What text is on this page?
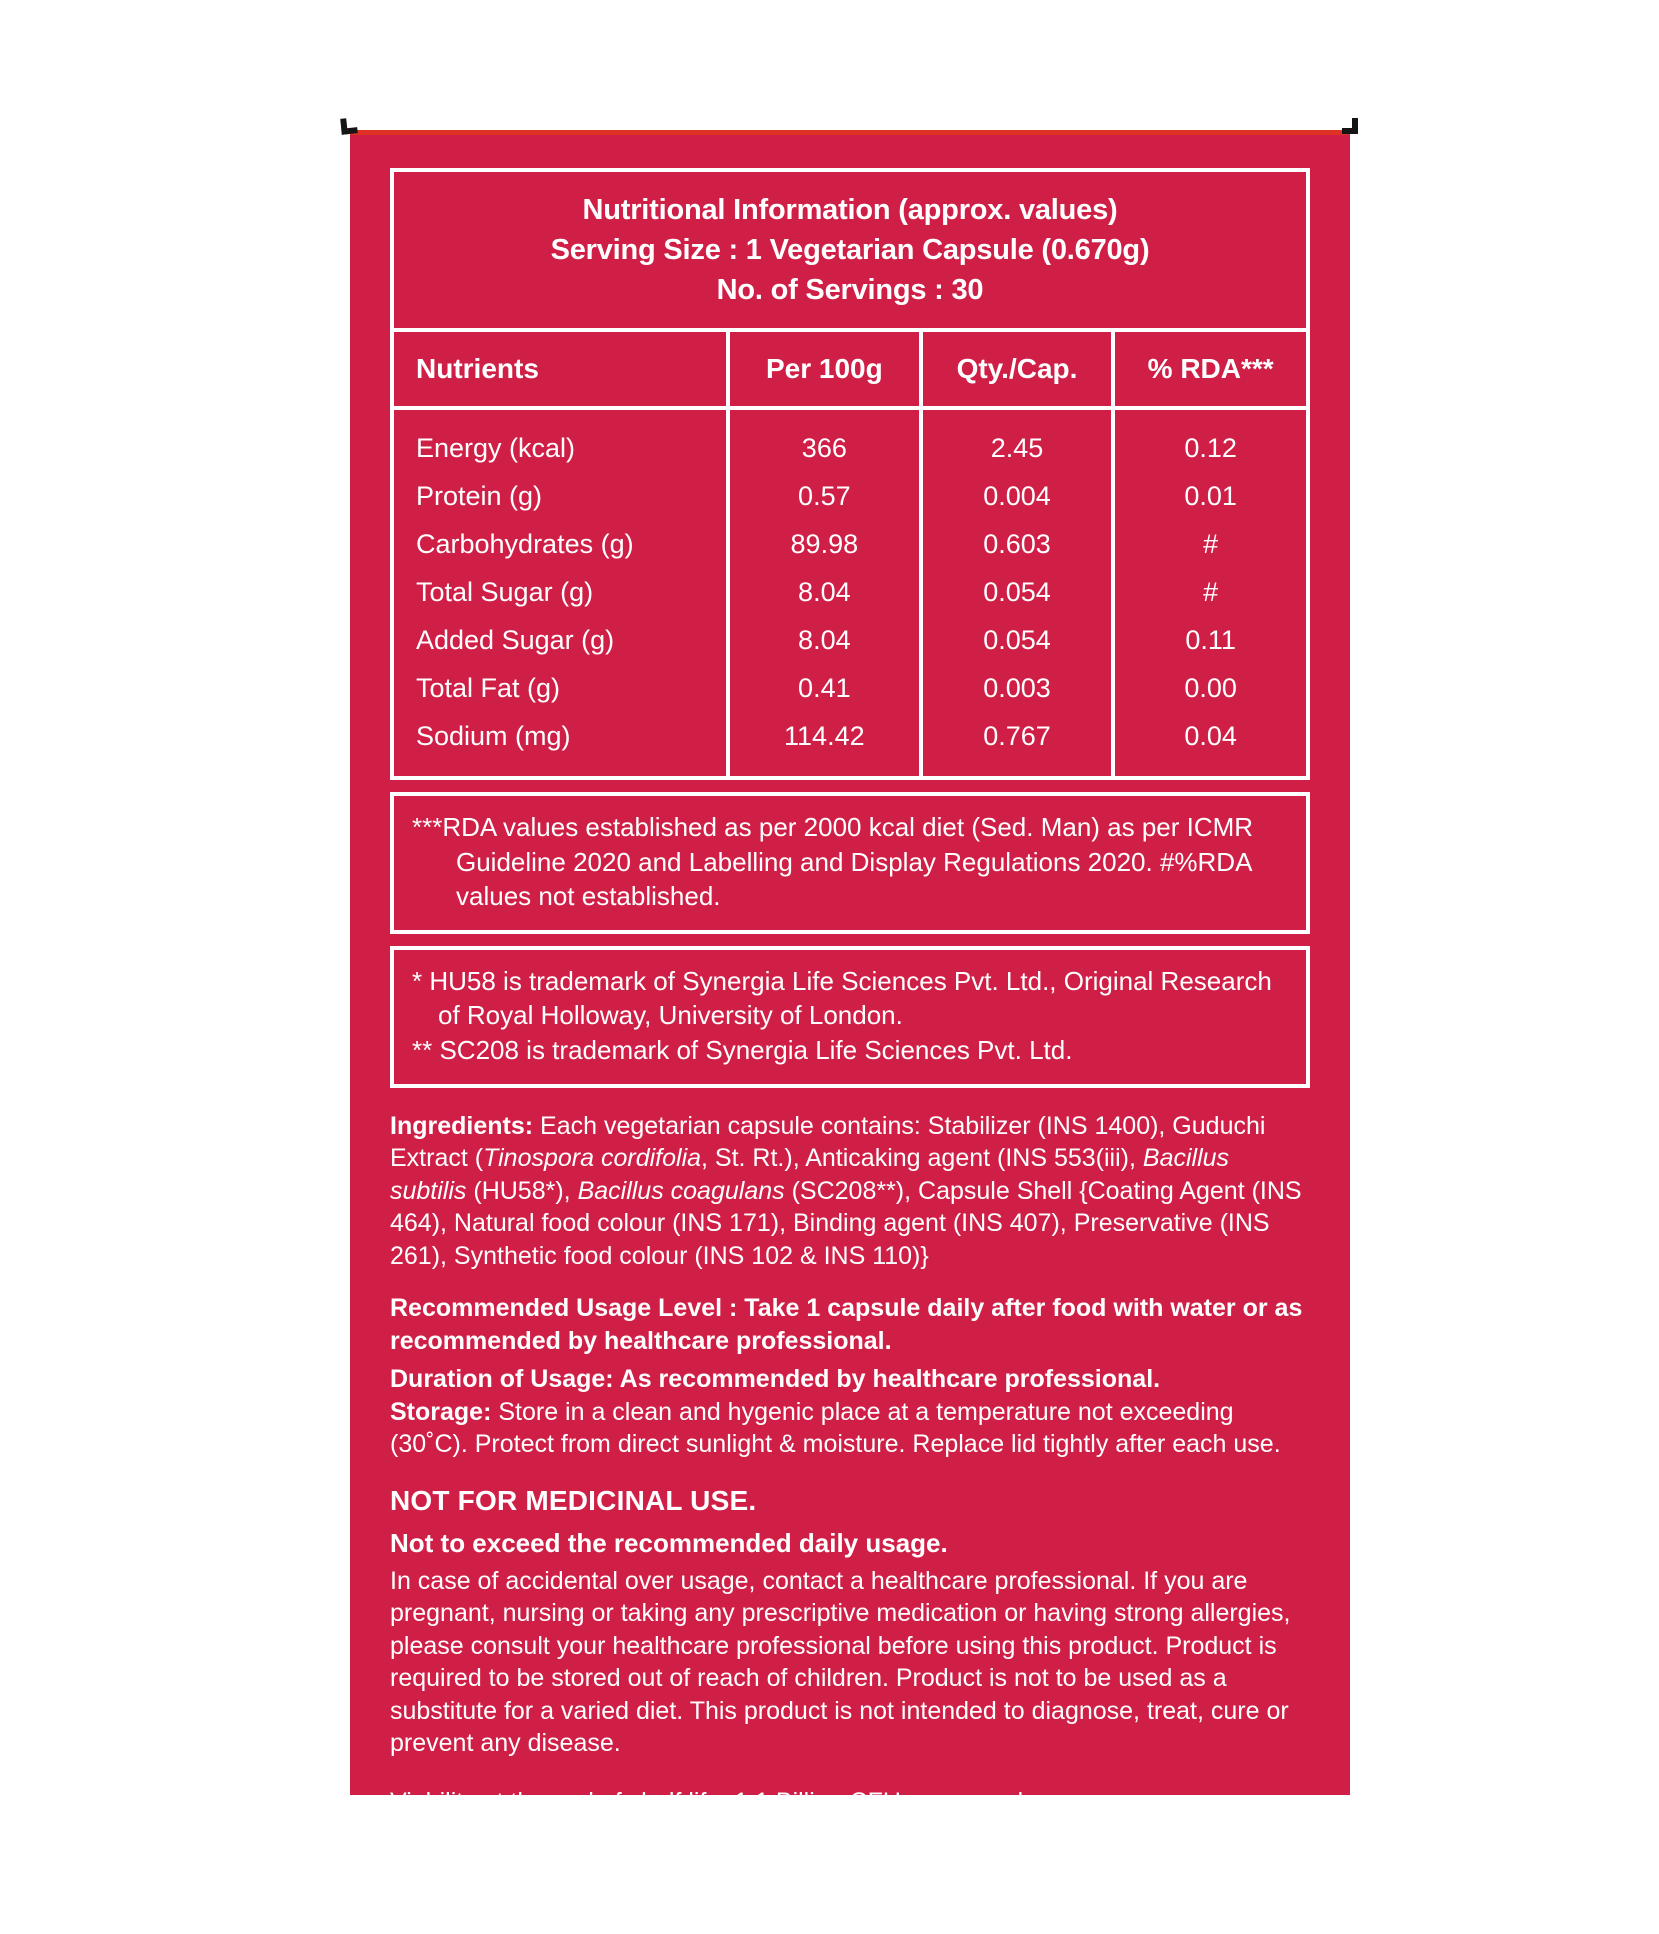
Nutritional Information (approx. values)
Serving Size : 1 Vegetarian Capsule (0.670g)
No. of Servings : 30
Nutrients	Per 100g	Qty./Cap.	% RDA***
Energy (kcal)	366	2.45	0.12
Protein (g)	0.57	0.004	0.01
Carbohydrates (g)	89.98	0.603	#
Total Sugar (g)	8.04	0.054	#
Added Sugar (g)	8.04	0.054	0.11
Total Fat (g)	0.41	0.003	0.00
Sodium (mg)	114.42	0.767	0.04
***RDA values established as per 2000 kcal diet (Sed. Man) as per ICMR Guideline 2020 and Labelling and Display Regulations 2020. #%RDA values not established.
* HU58 is trademark of Synergia Life Sciences Pvt. Ltd., Original Research of Royal Holloway, University of London.
** SC208 is trademark of Synergia Life Sciences Pvt. Ltd.

Ingredients: Each vegetarian capsule contains: Stabilizer (INS 1400), Guduchi Extract (Tinospora cordifolia, St. Rt.), Anticaking agent (INS 553(iii), Bacillus subtilis (HU58*), Bacillus coagulans (SC208**), Capsule Shell {Coating Agent (INS 464), Natural food colour (INS 171), Binding agent (INS 407), Preservative (INS 261), Synthetic food colour (INS 102 & INS 110)}

Recommended Usage Level : Take 1 capsule daily after food with water or as recommended by healthcare professional.

Duration of Usage: As recommended by healthcare professional.

Storage: Store in a clean and hygenic place at a temperature not exceeding (30˚C). Protect from direct sunlight & moisture. Replace lid tightly after each use.

NOT FOR MEDICINAL USE.

Not to exceed the recommended daily usage.

In case of accidental over usage, contact a healthcare professional. If you are pregnant, nursing or taking any prescriptive medication or having strong allergies, please consult your healthcare professional before using this product. Product is required to be stored out of reach of children. Product is not to be used as a substitute for a varied diet. This product is not intended to diagnose, treat, cure or prevent any disease.

Viability at the end of shelf life: 1.1 Billion CFU per capsule.
